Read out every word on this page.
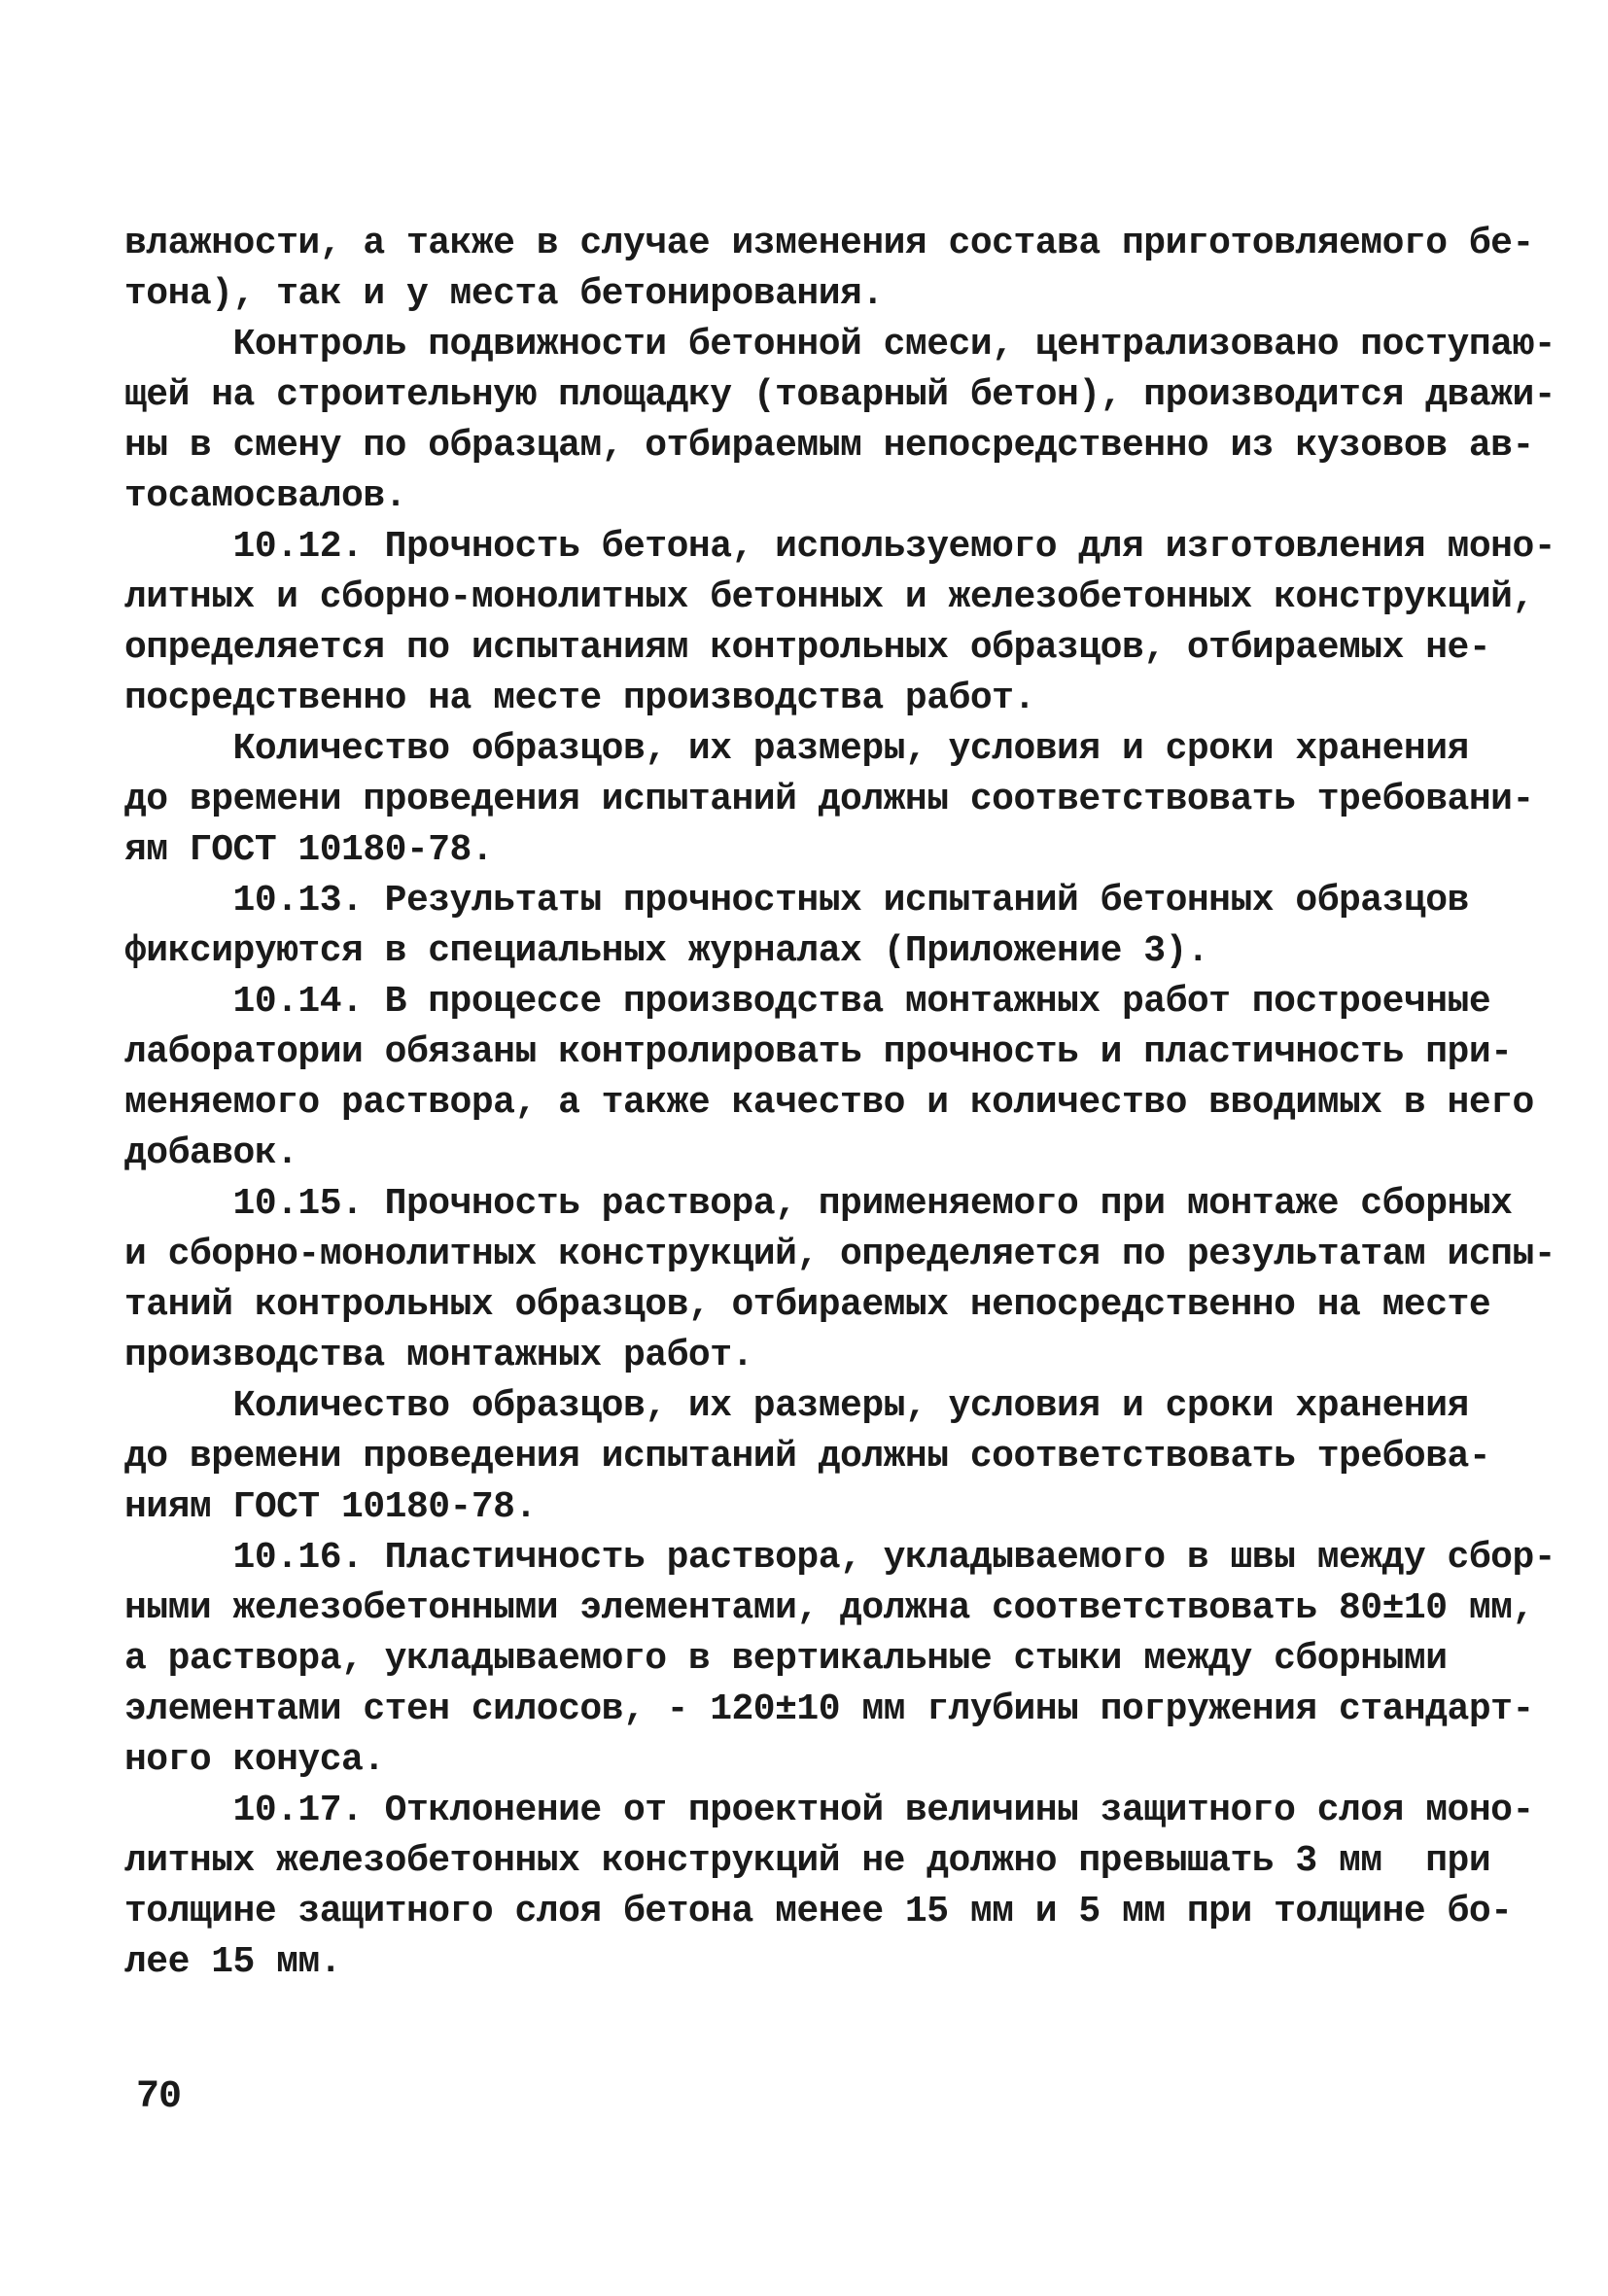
влажности, а также в случае изменения состава приготовляемого бе-
тона), так и у места бетонирования.
Контроль подвижности бетонной смеси, централизовано поступаю-
щей на строительную площадку (товарный бетон), производится дважи-
ны в смену по образцам, отбираемым непосредственно из кузовов ав-
тосамосвалов.
10.12. Прочность бетона, используемого для изготовления моно-
литных и сборно-монолитных бетонных и железобетонных конструкций,
определяется по испытаниям контрольных образцов, отбираемых не-
посредственно на месте производства работ.
Количество образцов, их размеры, условия и сроки хранения
до времени проведения испытаний должны соответствовать требовани-
ям ГОСТ 10180-78.
10.13. Результаты прочностных испытаний бетонных образцов
фиксируются в специальных журналах (Приложение 3).
10.14. В процессе производства монтажных работ построечные
лаборатории обязаны контролировать прочность и пластичность при-
меняемого раствора, а также качество и количество вводимых в него
добавок.
10.15. Прочность раствора, применяемого при монтаже сборных
и сборно-монолитных конструкций, определяется по результатам испы-
таний контрольных образцов, отбираемых непосредственно на месте
производства монтажных работ.
Количество образцов, их размеры, условия и сроки хранения
до времени проведения испытаний должны соответствовать требова-
ниям ГОСТ 10180-78.
10.16. Пластичность раствора, укладываемого в швы между сбор-
ными железобетонными элементами, должна соответствовать 80±10 мм,
а раствора, укладываемого в вертикальные стыки между сборными
элементами стен силосов, - 120±10 мм глубины погружения стандарт-
ного конуса.
10.17. Отклонение от проектной величины защитного слоя моно-
литных железобетонных конструкций не должно превышать 3 мм  при
толщине защитного слоя бетона менее 15 мм и 5 мм при толщине бо-
лее 15 мм.
70
